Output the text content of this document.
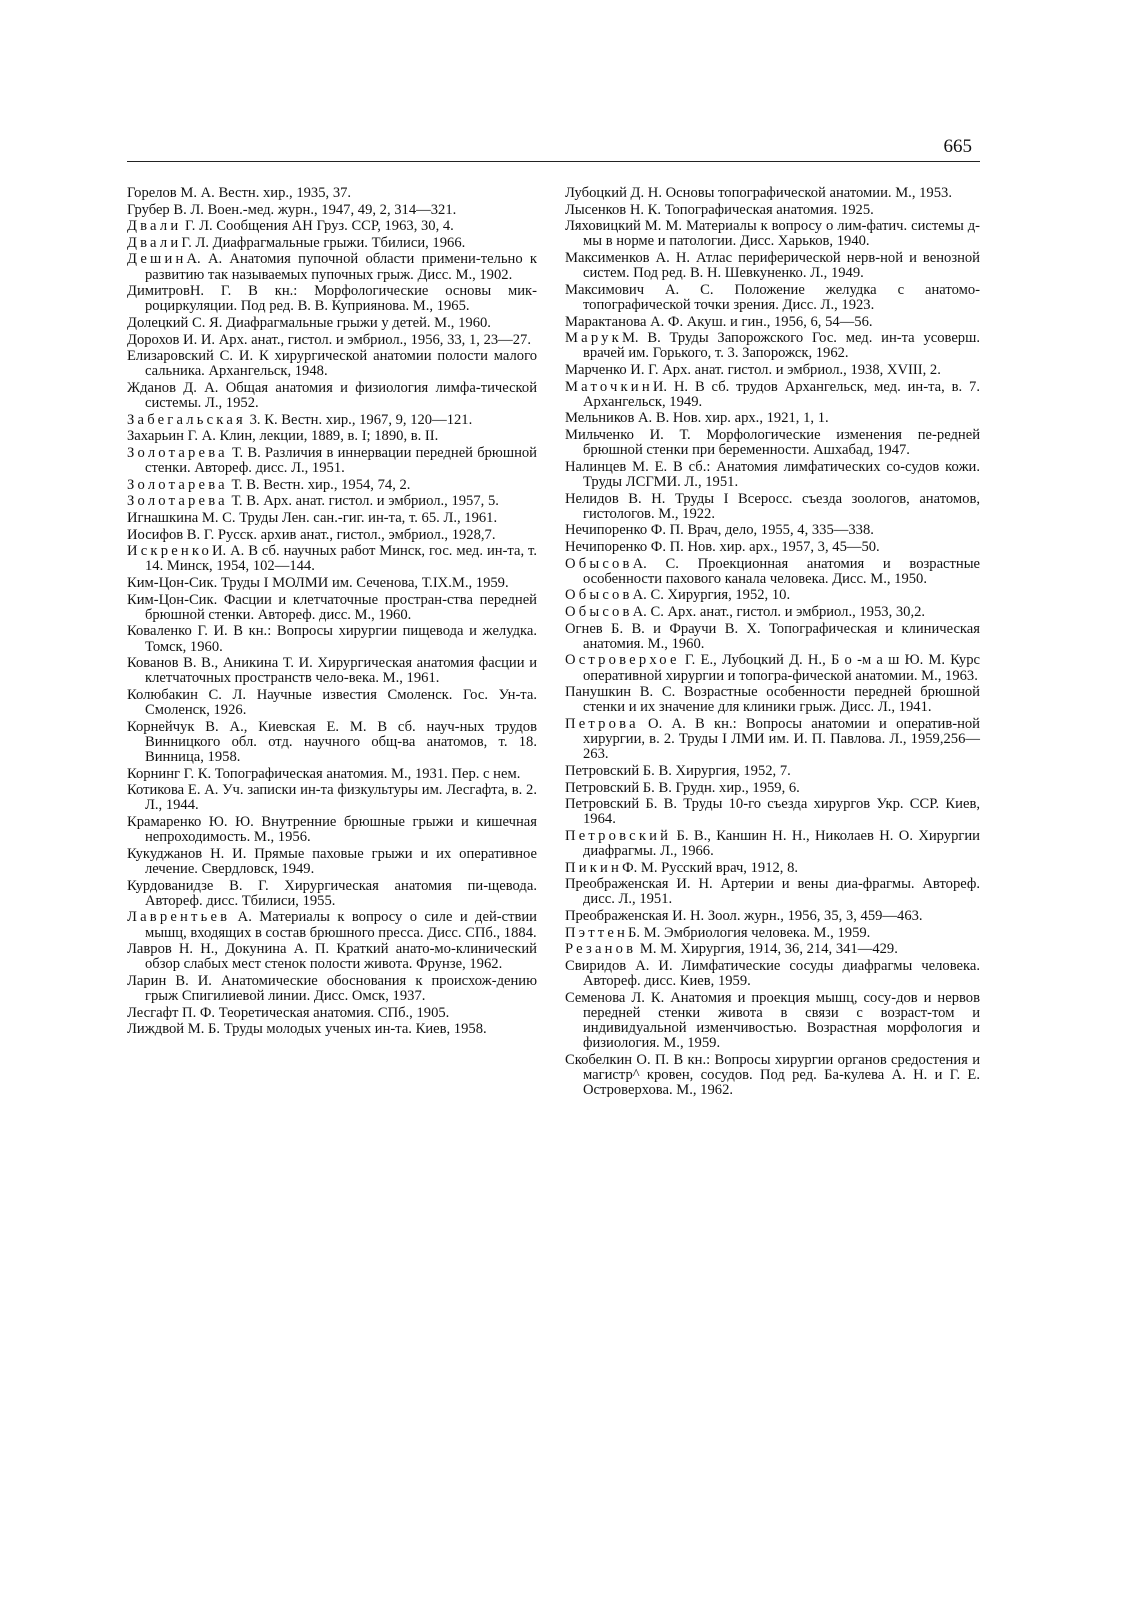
665
Горелов М. А. Вестн. хир., 1935, 37.
Грубер В. Л. Воен.-мед. журн., 1947, 49, 2, 314—321.
Двали Г. Л. Сообщения АН Груз. ССР, 1963, 30, 4.
ДвалиГ. Л. Диафрагмальные грыжи. Тбилиси, 1966.
ДешинА. А. Анатомия пупочной области примени-тельно к развитию так называемых пупочных грыж. Дисс. М., 1902.
ДимитровН. Г. В кн.: Морфологические основы мик-роциркуляции. Под ред. В. В. Куприянова. М., 1965.
Долецкий С. Я. Диафрагмальные грыжи у детей. М., 1960.
Дорохов И. И. Арх. анат., гистол. и эмбриол., 1956, 33, 1, 23—27.
Елизаровский С. И. К хирургической анатомии полости малого сальника. Архангельск, 1948.
Жданов Д. А. Общая анатомия и физиология лимфа-тической системы. Л., 1952.
Забегальская 3. К. Вестн. хир., 1967, 9, 120—121.
Захарьин Г. А. Клин, лекции, 1889, в. I; 1890, в. II.
Золотарева Т. В. Различия в иннервации передней брюшной стенки. Автореф. дисс. Л., 1951.
Золотарева Т. В. Вестн. хир., 1954, 74, 2.
Золотарева Т. В. Арх. анат. гистол. и эмбриол., 1957, 5.
Игнашкина М. С. Труды Лен. сан.-гиг. ин-та, т. 65. Л., 1961.
Иосифов В. Г. Русск. архив анат., гистол., эмбриол., 1928,7.
ИскренкоИ. А. В сб. научных работ Минск, гос. мед. ин-та, т. 14. Минск, 1954, 102—144.
Ким-Цон-Сик. Труды I МОЛМИ им. Сеченова, Т.IX.М., 1959.
Ким-Цон-Сик. Фасции и клетчаточные простран-ства передней брюшной стенки. Автореф. дисс. М., 1960.
Коваленко Г. И. В кн.: Вопросы хирургии пищевода и желудка. Томск, 1960.
Кованов В. В., Аникина Т. И. Хирургическая анатомия фасции и клетчаточных пространств чело-века. М., 1961.
Колюбакин С. Л. Научные известия Смоленск. Гос. Ун-та. Смоленск, 1926.
Корнейчук В. А., Киевская Е. М. В сб. науч-ных трудов Винницкого обл. отд. научного общ-ва анатомов, т. 18. Винница, 1958.
Корнинг Г. К. Топографическая анатомия. М., 1931. Пер. с нем.
Котикова Е. А. Уч. записки ин-та физкультуры им. Лесгафта, в. 2. Л., 1944.
Крамаренко Ю. Ю. Внутренние брюшные грыжи и кишечная непроходимость. М., 1956.
Кукуджанов Н. И. Прямые паховые грыжи и их оперативное лечение. Свердловск, 1949.
Курдованидзе В. Г. Хирургическая анатомия пи-щевода. Автореф. дисс. Тбилиси, 1955.
Лаврентьев А. Материалы к вопросу о силе и дей-ствии мышц, входящих в состав брюшного пресса. Дисс. СПб., 1884.
Лавров Н. Н., Докунина А. П. Краткий анато-мо-клинический обзор слабых мест стенок полости живота. Фрунзе, 1962.
Ларин В. И. Анатомические обоснования к происхож-дению грыж Спигилиевой линии. Дисс. Омск, 1937.
Лесгафт П. Ф. Теоретическая анатомия. СПб., 1905.
Лиждвой М. Б. Труды молодых ученых ин-та. Киев, 1958.
Лубоцкий Д. Н. Основы топографической анатомии. М., 1953.
Лысенков Н. К. Топографическая анатомия. 1925.
Ляховицкий М. М. Материалы к вопросу о лим-фатич. системы д-мы в норме и патологии. Дисс. Харьков, 1940.
Максименков А. Н. Атлас периферической нерв-ной и венозной систем. Под ред. В. Н. Шевкуненко. Л., 1949.
Максимович А. С. Положение желудка с анатомо-топографической точки зрения. Дисс. Л., 1923.
Марактанова А. Ф. Акуш. и гин., 1956, 6, 54—56.
МарукМ. В. Труды Запорожского Гос. мед. ин-та усоверш. врачей им. Горького, т. 3. Запорожск, 1962.
Марченко И. Г. Арх. анат. гистол. и эмбриол., 1938, XVIII, 2.
МаточкинИ. Н. В сб. трудов Архангельск, мед. ин-та, в. 7. Архангельск, 1949.
Мельников А. В. Нов. хир. арх., 1921, 1, 1.
Мильченко И. Т. Морфологические изменения пе-редней брюшной стенки при беременности. Ашхабад, 1947.
Налинцев М. Е. В сб.: Анатомия лимфатических со-судов кожи. Труды ЛСГМИ. Л., 1951.
Нелидов В. Н. Труды I Всеросс. съезда зоологов, анатомов, гистологов. М., 1922.
Нечипоренко Ф. П. Врач, дело, 1955, 4, 335—338.
Нечипоренко Ф. П. Нов. хир. арх., 1957, 3, 45—50.
ОбысовА. С. Проекционная анатомия и возрастные особенности пахового канала человека. Дисс. М., 1950.
ОбысовА. С. Хирургия, 1952, 10.
ОбысовА. С. Арх. анат., гистол. и эмбриол., 1953, 30,2.
Огнев Б. В. и Фраучи В. Х. Топографическая и клиническая анатомия. М., 1960.
Островерхое Г. Е., Лубоцкий Д. Н., Б о -м а ш Ю. М. Курс оперативной хирургии и топогра-фической анатомии. М., 1963.
Панушкин В. С. Возрастные особенности передней брюшной стенки и их значение для клиники грыж. Дисс. Л., 1941.
Петрова О. А. В кн.: Вопросы анатомии и оператив-ной хирургии, в. 2. Труды I ЛМИ им. И. П. Павлова. Л., 1959,256—263.
Петровский Б. В. Хирургия, 1952, 7.
Петровский Б. В. Грудн. хир., 1959, 6.
Петровский Б. В. Труды 10-го съезда хирургов Укр. ССР. Киев, 1964.
Петровский Б. В., Каншин Н. Н., Николаев Н. О. Хирургии диафрагмы. Л., 1966.
ПикинФ. М. Русский врач, 1912, 8.
Преображенская И. Н. Артерии и вены диа-фрагмы. Автореф. дисс. Л., 1951.
Преображенская И. Н. Зоол. журн., 1956, 35, 3, 459—463.
ПэттенБ. М. Эмбриология человека. М., 1959.
Резанов М. М. Хирургия, 1914, 36, 214, 341—429.
Свиридов А. И. Лимфатические сосуды диафрагмы человека. Автореф. дисс. Киев, 1959.
Семенова Л. К. Анатомия и проекция мышц, сосу-дов и нервов передней стенки живота в связи с возраст-том и индивидуальной изменчивостью. Возрастная морфология и физиология. М., 1959.
Скобелкин О. П. В кн.: Вопросы хирургии органов средостения и магистр^ кровен, сосудов. Под ред. Ба-кулева А. Н. и Г. Е. Островерхова. М., 1962.
